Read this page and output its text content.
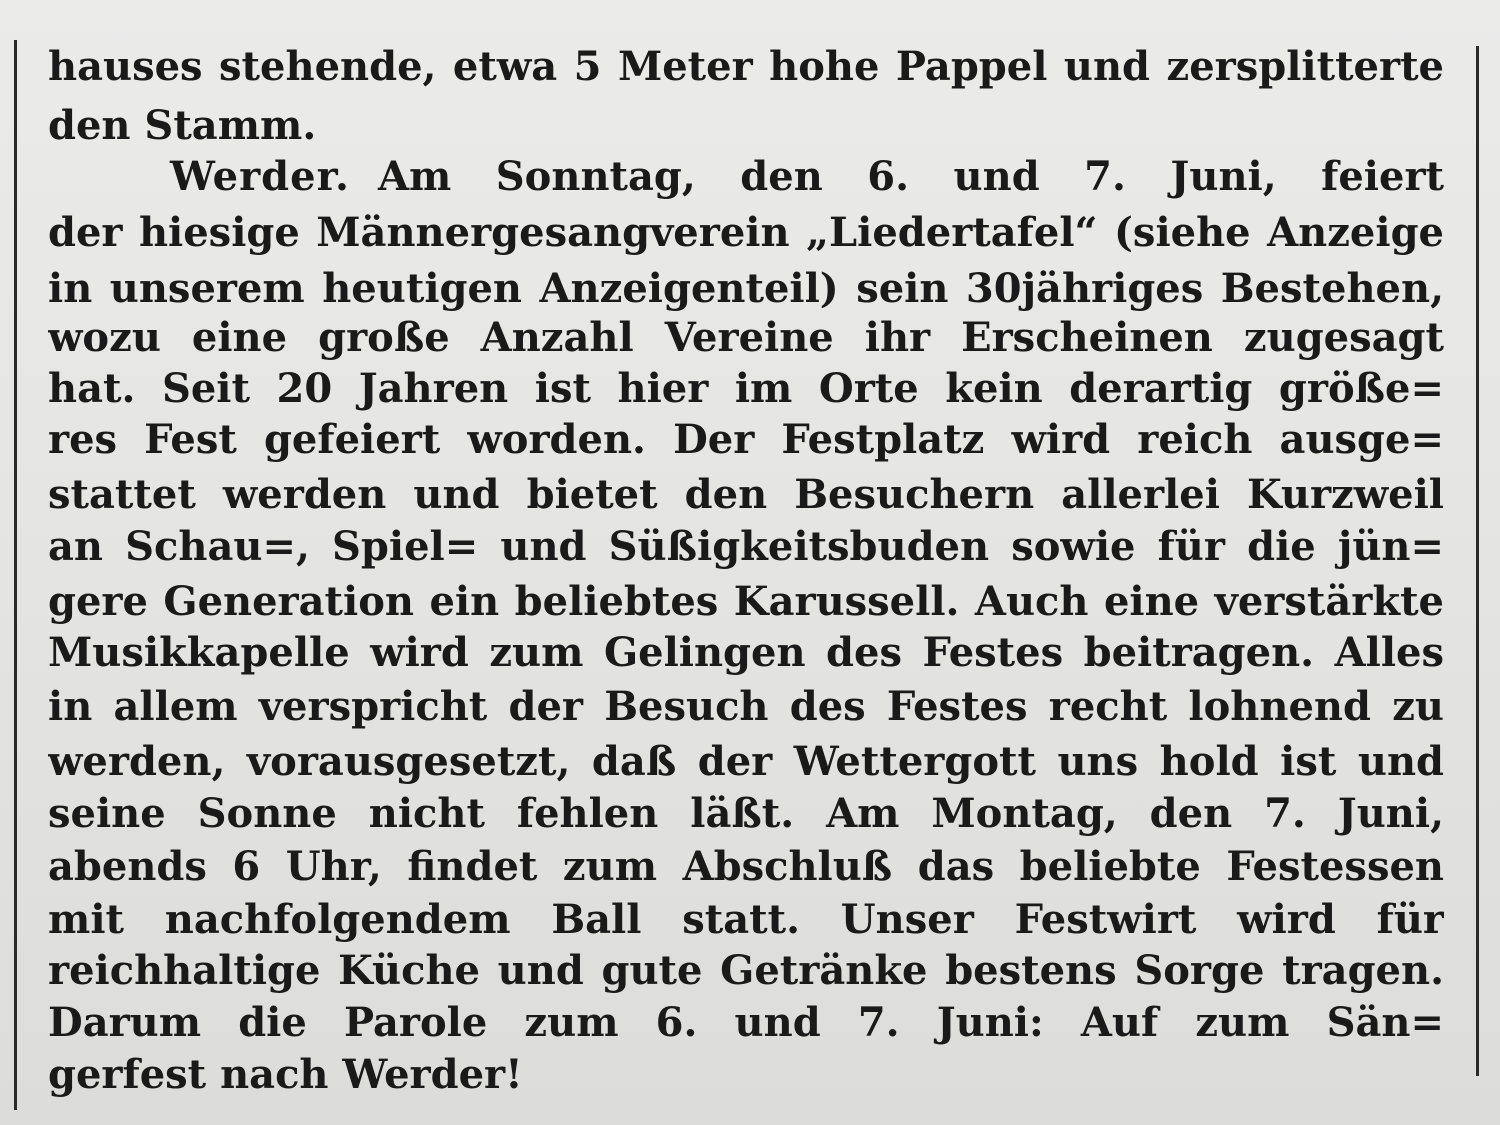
hauses stehende, etwa 5 Meter hohe Pappel und zersplitterte
den Stamm.
Werder. Am Sonntag, den 6. und 7. Juni, feiert
der hiesige Männergesangverein „Liedertafel“ (siehe Anzeige
in unserem heutigen Anzeigenteil) sein 30jähriges Bestehen,
wozu eine große Anzahl Vereine ihr Erscheinen zugesagt
hat. Seit 20 Jahren ist hier im Orte kein derartig größe=
res Fest gefeiert worden. Der Festplatz wird reich ausge=
stattet werden und bietet den Besuchern allerlei Kurzweil
an Schau=, Spiel= und Süßigkeitsbuden sowie für die jün=
gere Generation ein beliebtes Karussell. Auch eine verstärkte
Musikkapelle wird zum Gelingen des Festes beitragen. Alles
in allem verspricht der Besuch des Festes recht lohnend zu
werden, vorausgesetzt, daß der Wettergott uns hold ist und
seine Sonne nicht fehlen läßt. Am Montag, den 7. Juni,
abends 6 Uhr, findet zum Abschluß das beliebte Festessen
mit nachfolgendem Ball statt. Unser Festwirt wird für
reichhaltige Küche und gute Getränke bestens Sorge tragen.
Darum die Parole zum 6. und 7. Juni: Auf zum Sän=
gerfest nach Werder!
